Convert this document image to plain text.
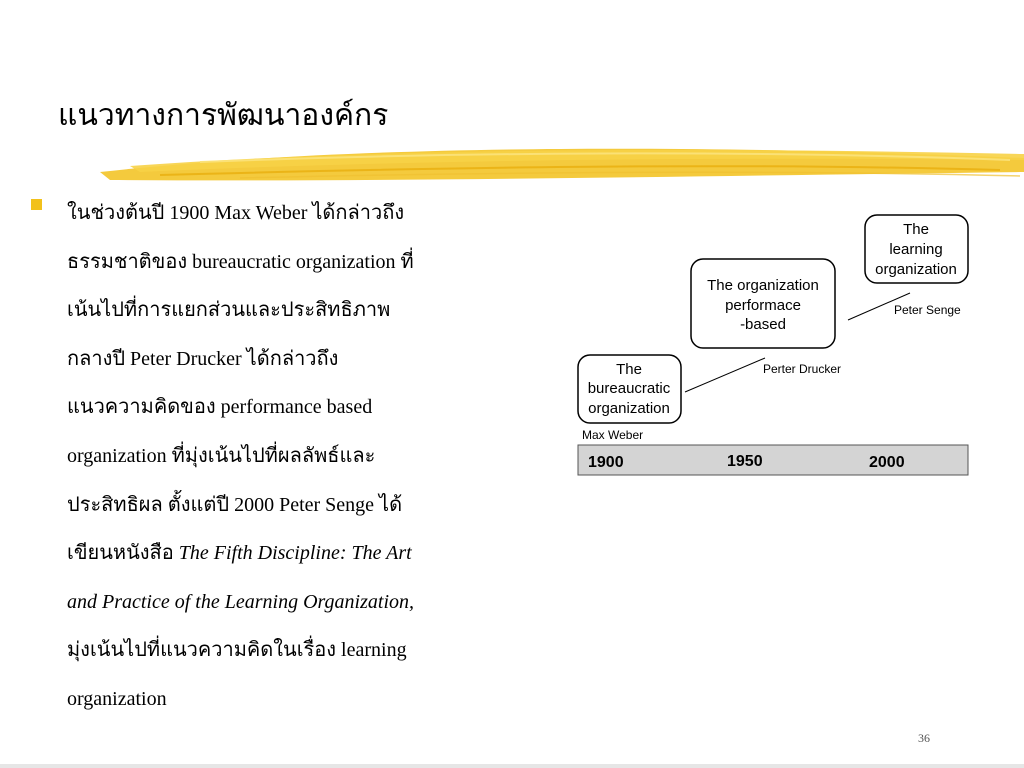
แนวทางการพัฒนาองค์กร

ในช่วงต้นปี 1900 Max Weber ได้กล่าวถึง
ธรรมชาติของ bureaucratic organization ที่
เน้นไปที่การแยกส่วนและประสิทธิภาพ
กลางปี Peter Drucker ได้กล่าวถึง
แนวความคิดของ performance based
organization ที่มุ่งเน้นไปที่ผลลัพธ์และ
ประสิทธิผล ตั้งแต่ปี 2000 Peter Senge ได้
เขียนหนังสือ The Fifth Discipline: The Art
and Practice of the Learning Organization,
มุ่งเน้นไปที่แนวความคิดในเรื่อง learning
organization

The
bureaucratic
organization
The organization
performace
-based
The
learning
organization
Max Weber
Perter Drucker
Peter Senge
1900	1950	2000
36
